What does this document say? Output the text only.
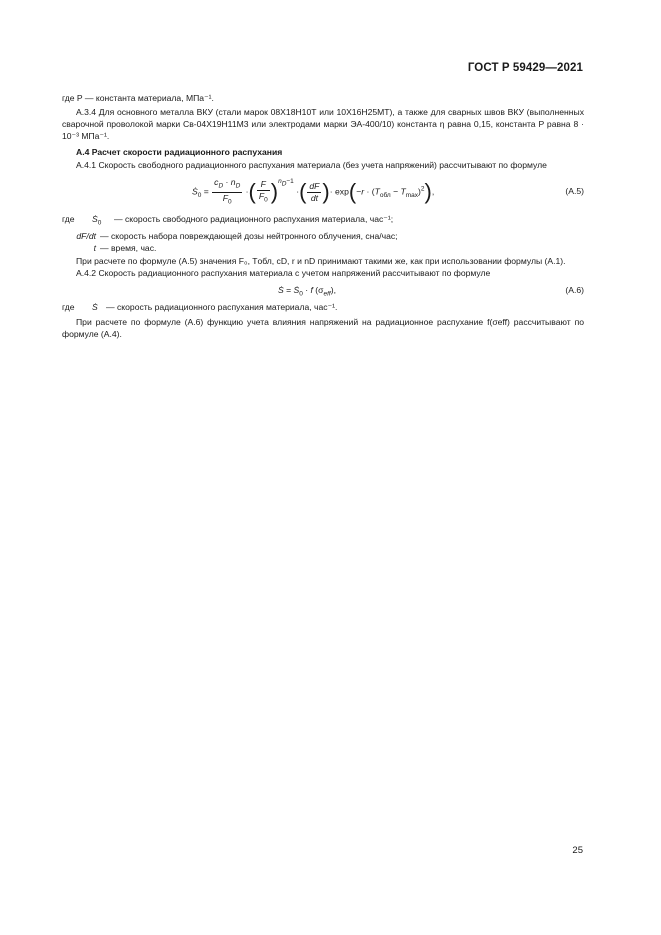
ГОСТ Р 59429—2021

где P — константа материала, МПа⁻¹.

А.3.4 Для основного металла ВКУ (стали марок 08Х18Н10Т или 10Х16Н25МТ), а также для сварных швов ВКУ (выполненных сварочной проволокой марки Св-04Х19Н11М3 или электродами марки ЭА-400/10) константа η равна 0,15, константа P равна 8 · 10⁻³ МПа⁻¹.

А.4 Расчет скорости радиационного распухания

А.4.1 Скорость свободного радиационного распухания материала (без учета напряжений) рассчитывают по формуле

Ṡ$_0$ = $\frac{c_D \cdot n_D}{F_0}$ ·( $\frac{F}{F_0} )^{n_D-1}$ ·( $\frac{dF}{dt}$ )· $\exp(-r \cdot (T_{обл} - T_{max})^2)$,	(А.5)
где	Ṡ$_0$	— скорость свободного радиационного распухания материала, час⁻¹;
dF/dt — скорость набора повреждающей дозы нейтронного облучения, сна/час;
t — время, час.

При расчете по формуле (А.5) значения F₀, Tобл, cD, r и nD принимают такими же, как при использовании формулы (А.1).

А.4.2 Скорость радиационного распухания материала с учетом напряжений рассчитывают по формуле

Ṡ = Ṡ$_0$ · f $(\sigma_{eff})$,	(А.6)
где	Ṡ — скорость радиационного распухания материала, час⁻¹.

При расчете по формуле (А.6) функцию учета влияния напряжений на радиационное распухание f(σeff) рассчитывают по формуле (А.4).

25
